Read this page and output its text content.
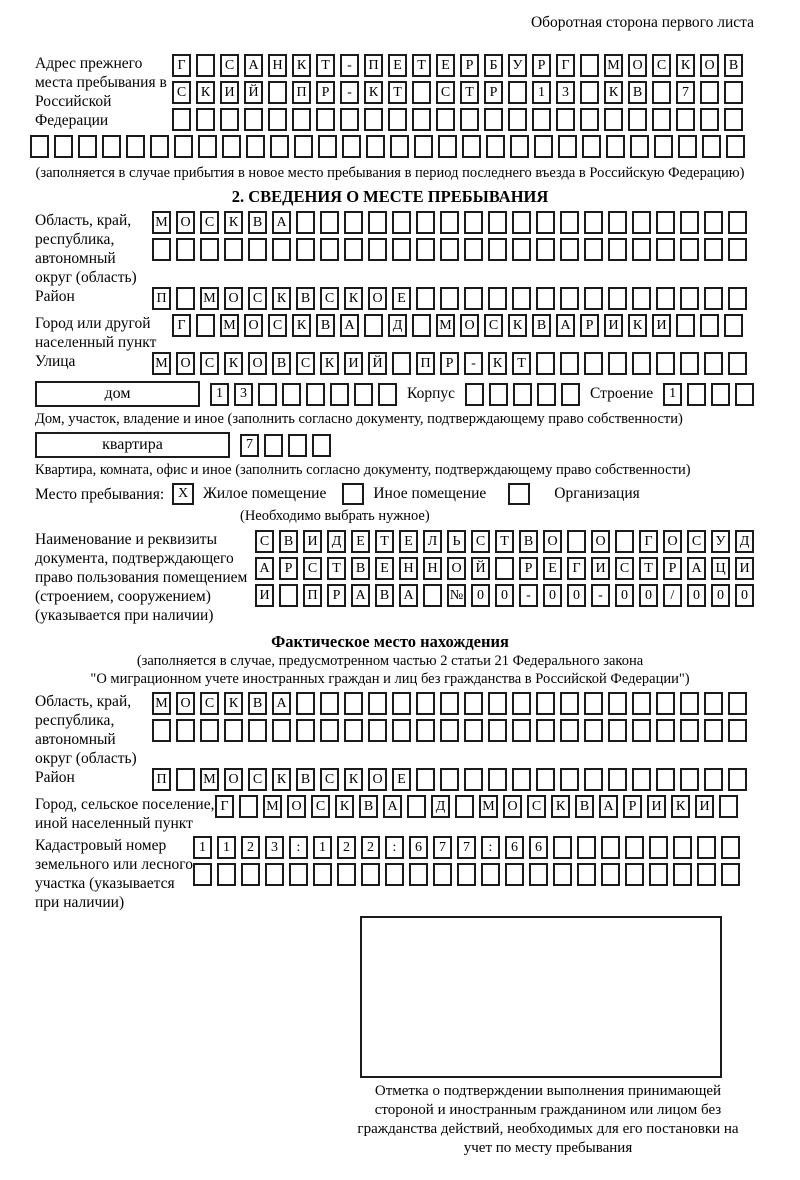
Оборотная сторона первого листа
Адрес прежнего места пребывания в Российской Федерации
Г	С	А Н	К	Т	-	П	Е	Т	Е	Р	Б	У	Р	Г	М О	С	К	О	В
С	К	И Й	П	Р	-	К	Т	С	Т	Р	1	3	К	В	7
(заполняется в случае прибытия в новое место пребывания в период последнего въезда в Российскую Федерацию)
2. СВЕДЕНИЯ О МЕСТЕ ПРЕБЫВАНИЯ
Область, край, республика, автономный округ (область)
М О	С	К	В	А
Район	П	М О	С	К	В	С	К	О	Е
Город или другой населенный пункт
Г	М О	С	К	В	А	Д	М О	С	К	В	А	Р	И	К	И
Улица	М О	С	К	О	В	С	К	И Й	П	Р	-	К	Т
дом	1	3	Корпус	Строение	1
Дом, участок, владение и иное (заполнить согласно документу, подтверждающему право собственности)
квартира	7
Квартира, комната, офис и иное (заполнить согласно документу, подтверждающему право собственности)
Место пребывания: X Жилое помещение	Иное помещение	Организация
(Необходимо выбрать нужное)
Наименование и реквизиты документа, подтверждающего право пользования помещением (строением, сооружением) (указывается при наличии)
С	В	И	Д	Е	Т	Е	Л	Ь	С	Т	В	О	О	Г	О	С	У	Д
А	Р	С	Т	В	Е	Н Н О Й	Р	Е	Г	И	С	Т	Р	А Ц И
И	П	Р	А	В	А	№ 0	0	-	0	0	-	0	0	/	0	0	0
Фактическое место нахождения
(заполняется в случае, предусмотренном частью 2 статьи 21 Федерального закона
"О миграционном учете иностранных граждан и лиц без гражданства в Российской Федерации")
Область, край, республика, автономный округ (область)
М О	С	К	В	А
Район	П	М О	С	К	В	С	К	О	Е
Город, сельское поселение, иной населенный пункт
Г	М О	С	К	В	А	Д	М О	С	К	В	А	Р	И	К	И
Кадастровый номер земельного или лесного участка (указывается при наличии)
1	1	2	3	:	1	2	2	:	6	7	7	:	6	6
Отметка о подтверждении выполнения принимающей стороной и иностранным гражданином или лицом без гражданства действий, необходимых для его постановки на учет по месту пребывания
